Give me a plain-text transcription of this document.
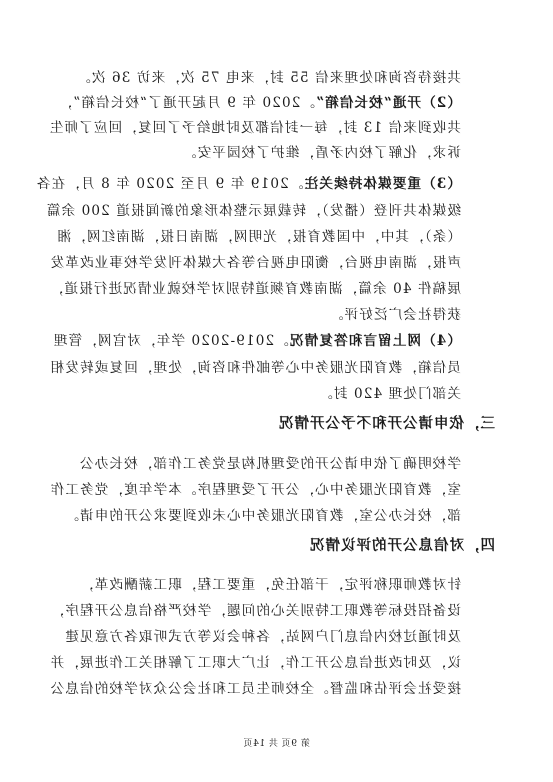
共接待咨询和处理来信 55 封，来电 75 次，来访 36 次。
（2）开通“校长信箱”。2020 年 9 月起开通了“校长信箱”，
共收到来信 13 封，每一封信都及时地给予了回复，回应了师生
诉求，化解了校内矛盾，维护了校园平安。
（3）重要媒体持续关注。2019 年 9 月至 2020 年 8 月，在各
级媒体共刊登（播发），转载展示整体形象的新闻报道 200 余篇
（条），其中，中国教育报，光明网，湖南日报，湖南红网，湘
声报，湖南电视台，衡阳电视台等各大媒体刊发学校事业改革发
展稿件 40 余篇，湖南教育频道特别对学校就业情况进行报道，
获得社会广泛好评。
（4）网上留言和答复情况。2019-2020 学年，对官网，管理
员信箱，教育阳光服务中心等邮件和咨询，处理，回复或转发相
关部门处理 420 封。
三，依申请公开和不予公开情况
学校明确了依申请公开的受理机构是党务工作部，校长办公
室，教育阳光服务中心，公开了受理程序。本学年度，党务工作
部，校长办公室，教育阳光服务中心未收到要求公开的申请。
四，对信息公开的评议情况
针对教师职称评定，干部任免，重要工程，职工薪酬改革，
设备招投标等教职工特别关心的问题，学校严格信息公开程序，
及时通过校内信息门户网站，各种会议等方式听取各方意见建
议，及时改进信息公开工作，让广大职工了解相关工作进展，并
接受社会评估和监督。全校师生员工和社会公众对学校的信息公
第 9页 共 14页
